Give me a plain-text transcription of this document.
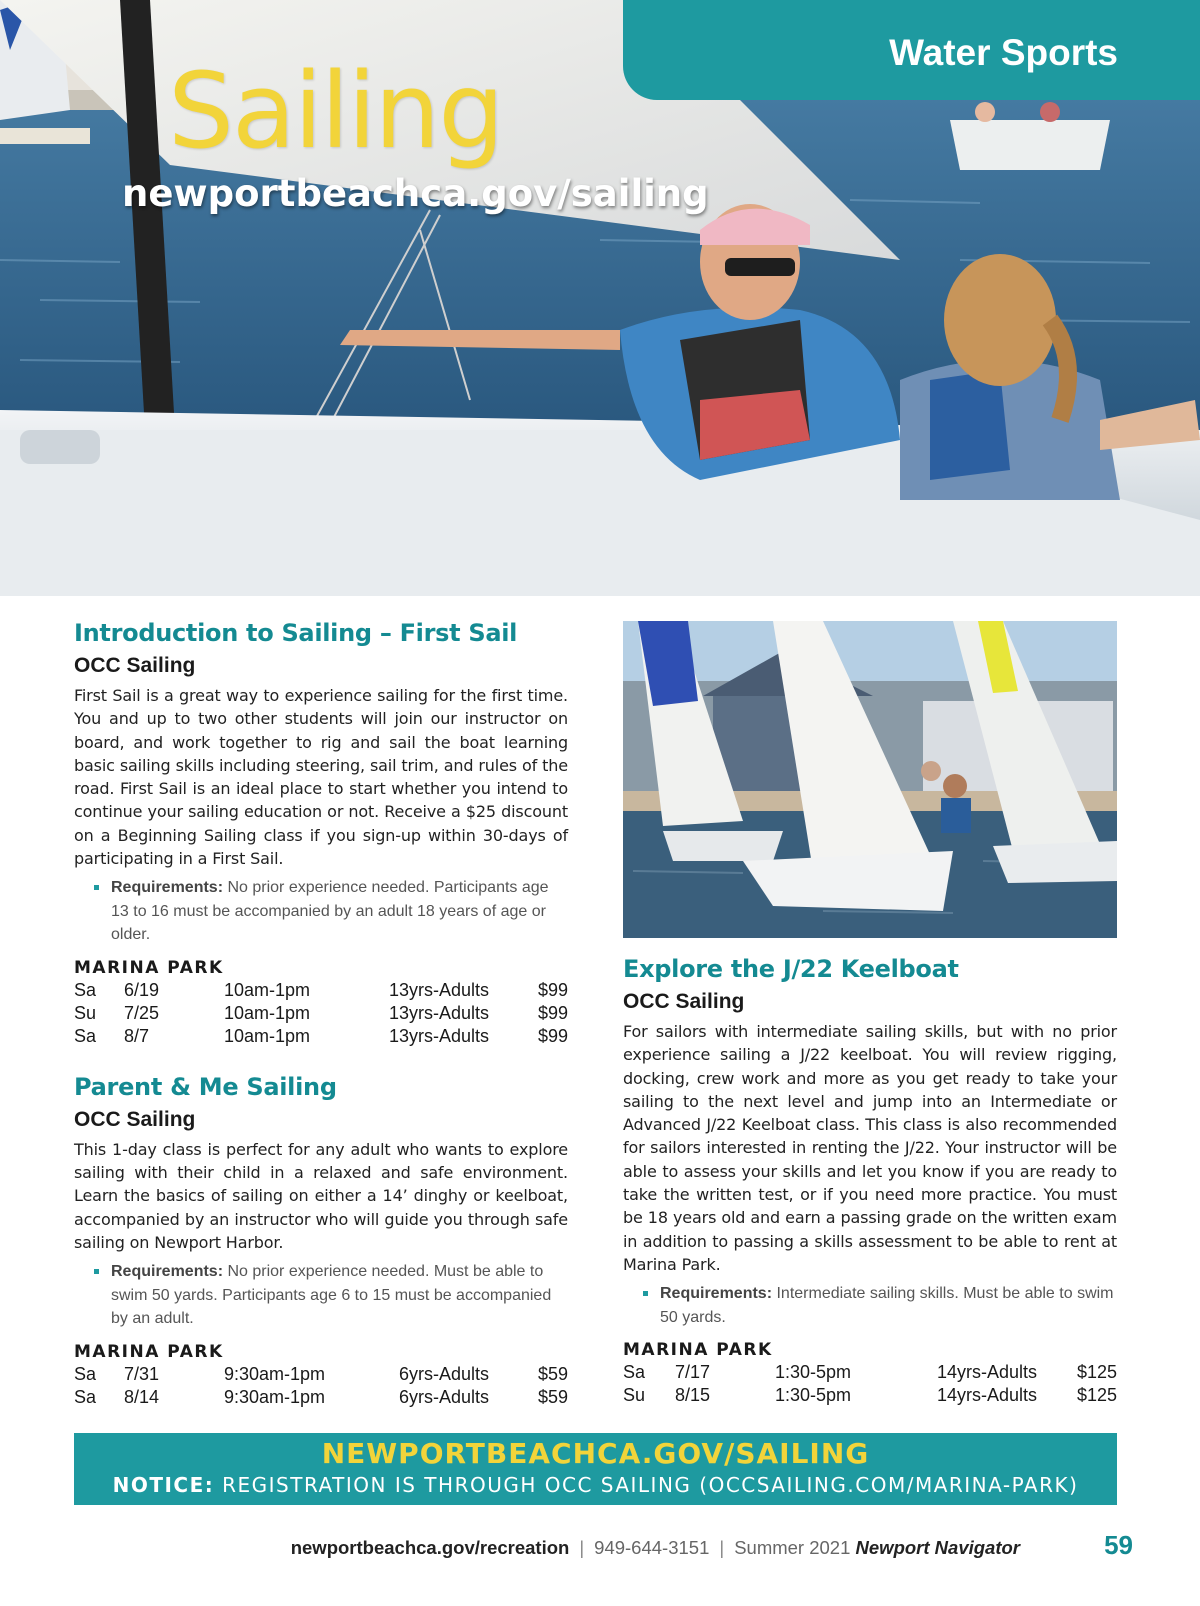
Water Sports
Sailing
newportbeachca.gov/sailing
Introduction to Sailing – First Sail
OCC Sailing

First Sail is a great way to experience sailing for the first time. You and up to two other students will join our instructor on board, and work together to rig and sail the boat learning basic sailing skills including steering, sail trim, and rules of the road. First Sail is an ideal place to start whether you intend to continue your sailing education or not. Receive a $25 discount on a Beginning Sailing class if you sign-up within 30-days of participating in a First Sail.

Requirements: No prior experience needed. Participants age 13 to 16 must be accompanied by an adult 18 years of age or older.
MARINA PARK
Sa	6/19	10am-1pm	13yrs-Adults	$99
Su	7/25	10am-1pm	13yrs-Adults	$99
Sa	8/7	10am-1pm	13yrs-Adults	$99
Parent & Me Sailing
OCC Sailing

This 1-day class is perfect for any adult who wants to explore sailing with their child in a relaxed and safe environment. Learn the basics of sailing on either a 14’ dinghy or keelboat, accompanied by an instructor who will guide you through safe sailing on Newport Harbor.

Requirements: No prior experience needed. Must be able to swim 50 yards. Participants age 6 to 15 must be accompanied by an adult.
MARINA PARK
Sa	7/31	9:30am-1pm	6yrs-Adults	$59
Sa	8/14	9:30am-1pm	6yrs-Adults	$59
Explore the J/22 Keelboat
OCC Sailing

For sailors with intermediate sailing skills, but with no prior experience sailing a J/22 keelboat. You will review rigging, docking, crew work and more as you get ready to take your sailing to the next level and jump into an Intermediate or Advanced J/22 Keelboat class. This class is also recommended for sailors interested in renting the J/22. Your instructor will be able to assess your skills and let you know if you are ready to take the written test, or if you need more practice. You must be 18 years old and earn a passing grade on the written exam in addition to passing a skills assessment to be able to rent at Marina Park.

Requirements: Intermediate sailing skills. Must be able to swim 50 yards.
MARINA PARK
Sa	7/17	1:30-5pm	14yrs-Adults	$125
Su	8/15	1:30-5pm	14yrs-Adults	$125
NEWPORTBEACHCA.GOV/SAILING
NOTICE: REGISTRATION IS THROUGH OCC SAILING (OCCSAILING.COM/MARINA-PARK)
newportbeachca.gov/recreation | 949-644-3151 | Summer 2021 Newport Navigator	59
